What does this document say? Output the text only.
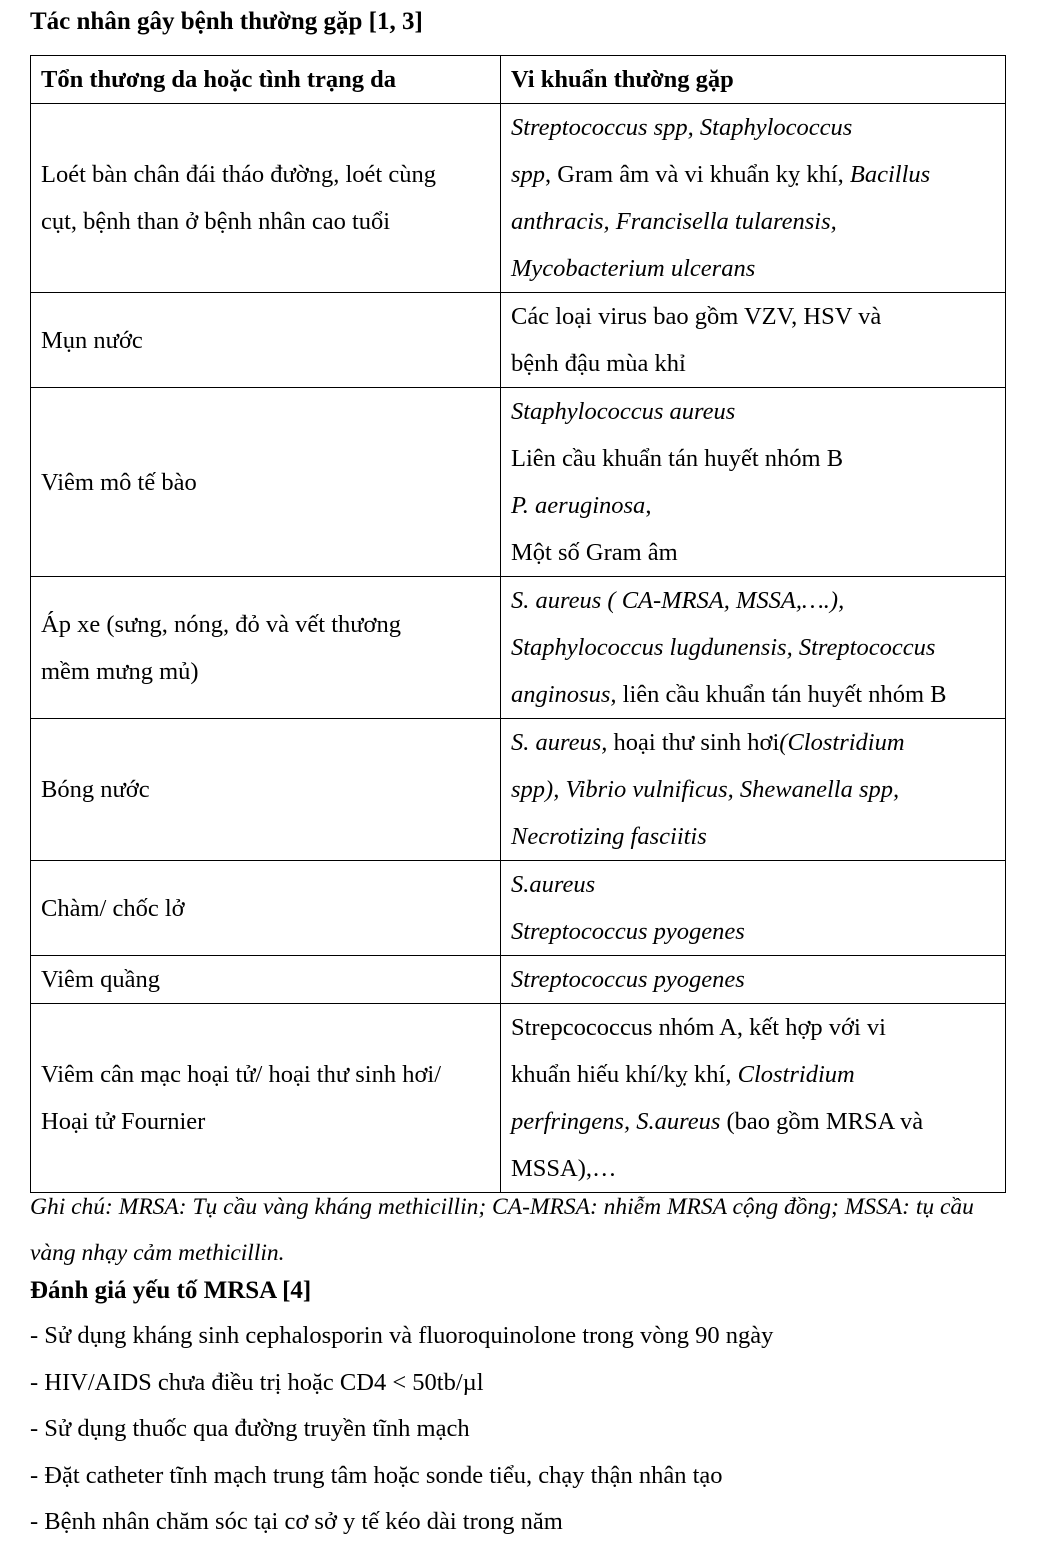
Tác nhân gây bệnh thường gặp [1, 3]
Tổn thương da hoặc tình trạng da	Vi khuẩn thường gặp

Loét bàn chân đái tháo đường, loét cùng
cụt, bệnh than ở bệnh nhân cao tuổi	Streptococcus spp, Staphylococcus
spp, Gram âm và vi khuẩn kỵ khí, Bacillus
anthracis, Francisella tularensis,
Mycobacterium ulcerans

Mụn nước	Các loại virus bao gồm VZV, HSV và
bệnh đậu mùa khỉ

Viêm mô tế bào	Staphylococcus aureus
Liên cầu khuẩn tán huyết nhóm B
P. aeruginosa,
Một số Gram âm

Áp xe (sưng, nóng, đỏ và vết thương
mềm mưng mủ)	S. aureus ( CA-MRSA, MSSA,….),
Staphylococcus lugdunensis, Streptococcus
anginosus, liên cầu khuẩn tán huyết nhóm B

Bóng nước	S. aureus, hoại thư sinh hơi(Clostridium
spp), Vibrio vulnificus, Shewanella spp,
Necrotizing fasciitis

Chàm/ chốc lở	S.aureus
Streptococcus pyogenes

Viêm quầng	Streptococcus pyogenes

Viêm cân mạc hoại tử/ hoại thư sinh hơi/
Hoại tử Fournier	Strepcococcus nhóm A, kết hợp với vi
khuẩn hiếu khí/kỵ khí, Clostridium
perfringens, S.aureus (bao gồm MRSA và
MSSA),…
Ghi chú: MRSA: Tụ cầu vàng kháng methicillin; CA-MRSA: nhiễm MRSA cộng đồng; MSSA: tụ cầu vàng nhạy cảm methicillin.
Đánh giá yếu tố MRSA [4]
- Sử dụng kháng sinh cephalosporin và fluoroquinolone trong vòng 90 ngày
- HIV/AIDS chưa điều trị hoặc CD4 < 50tb/µl
- Sử dụng thuốc qua đường truyền tĩnh mạch
- Đặt catheter tĩnh mạch trung tâm hoặc sonde tiểu, chạy thận nhân tạo
- Bệnh nhân chăm sóc tại cơ sở y tế kéo dài trong năm
